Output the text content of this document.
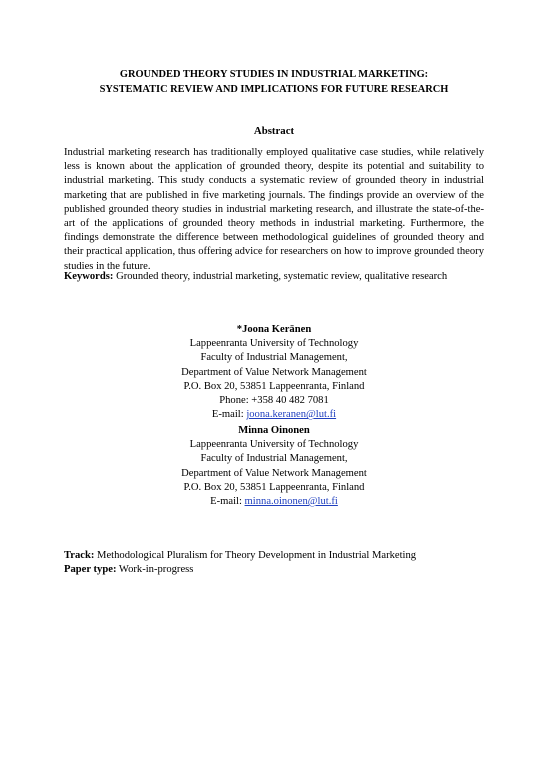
GROUNDED THEORY STUDIES IN INDUSTRIAL MARKETING:
SYSTEMATIC REVIEW AND IMPLICATIONS FOR FUTURE RESEARCH
Abstract
Industrial marketing research has traditionally employed qualitative case studies, while relatively less is known about the application of grounded theory, despite its potential and suitability to industrial marketing. This study conducts a systematic review of grounded theory in industrial marketing that are published in five marketing journals. The findings provide an overview of the published grounded theory studies in industrial marketing research, and illustrate the state-of-the-art of the applications of grounded theory methods in industrial marketing. Furthermore, the findings demonstrate the difference between methodological guidelines of grounded theory and their practical application, thus offering advice for researchers on how to improve grounded theory studies in the future.
Keywords: Grounded theory, industrial marketing, systematic review, qualitative research
*Joona Keränen
Lappeenranta University of Technology
Faculty of Industrial Management,
Department of Value Network Management
P.O. Box 20, 53851 Lappeenranta, Finland
Phone: +358 40 482 7081
E-mail: joona.keranen@lut.fi
Minna Oinonen
Lappeenranta University of Technology
Faculty of Industrial Management,
Department of Value Network Management
P.O. Box 20, 53851 Lappeenranta, Finland
E-mail: minna.oinonen@lut.fi
Track: Methodological Pluralism for Theory Development in Industrial Marketing
Paper type: Work-in-progress
